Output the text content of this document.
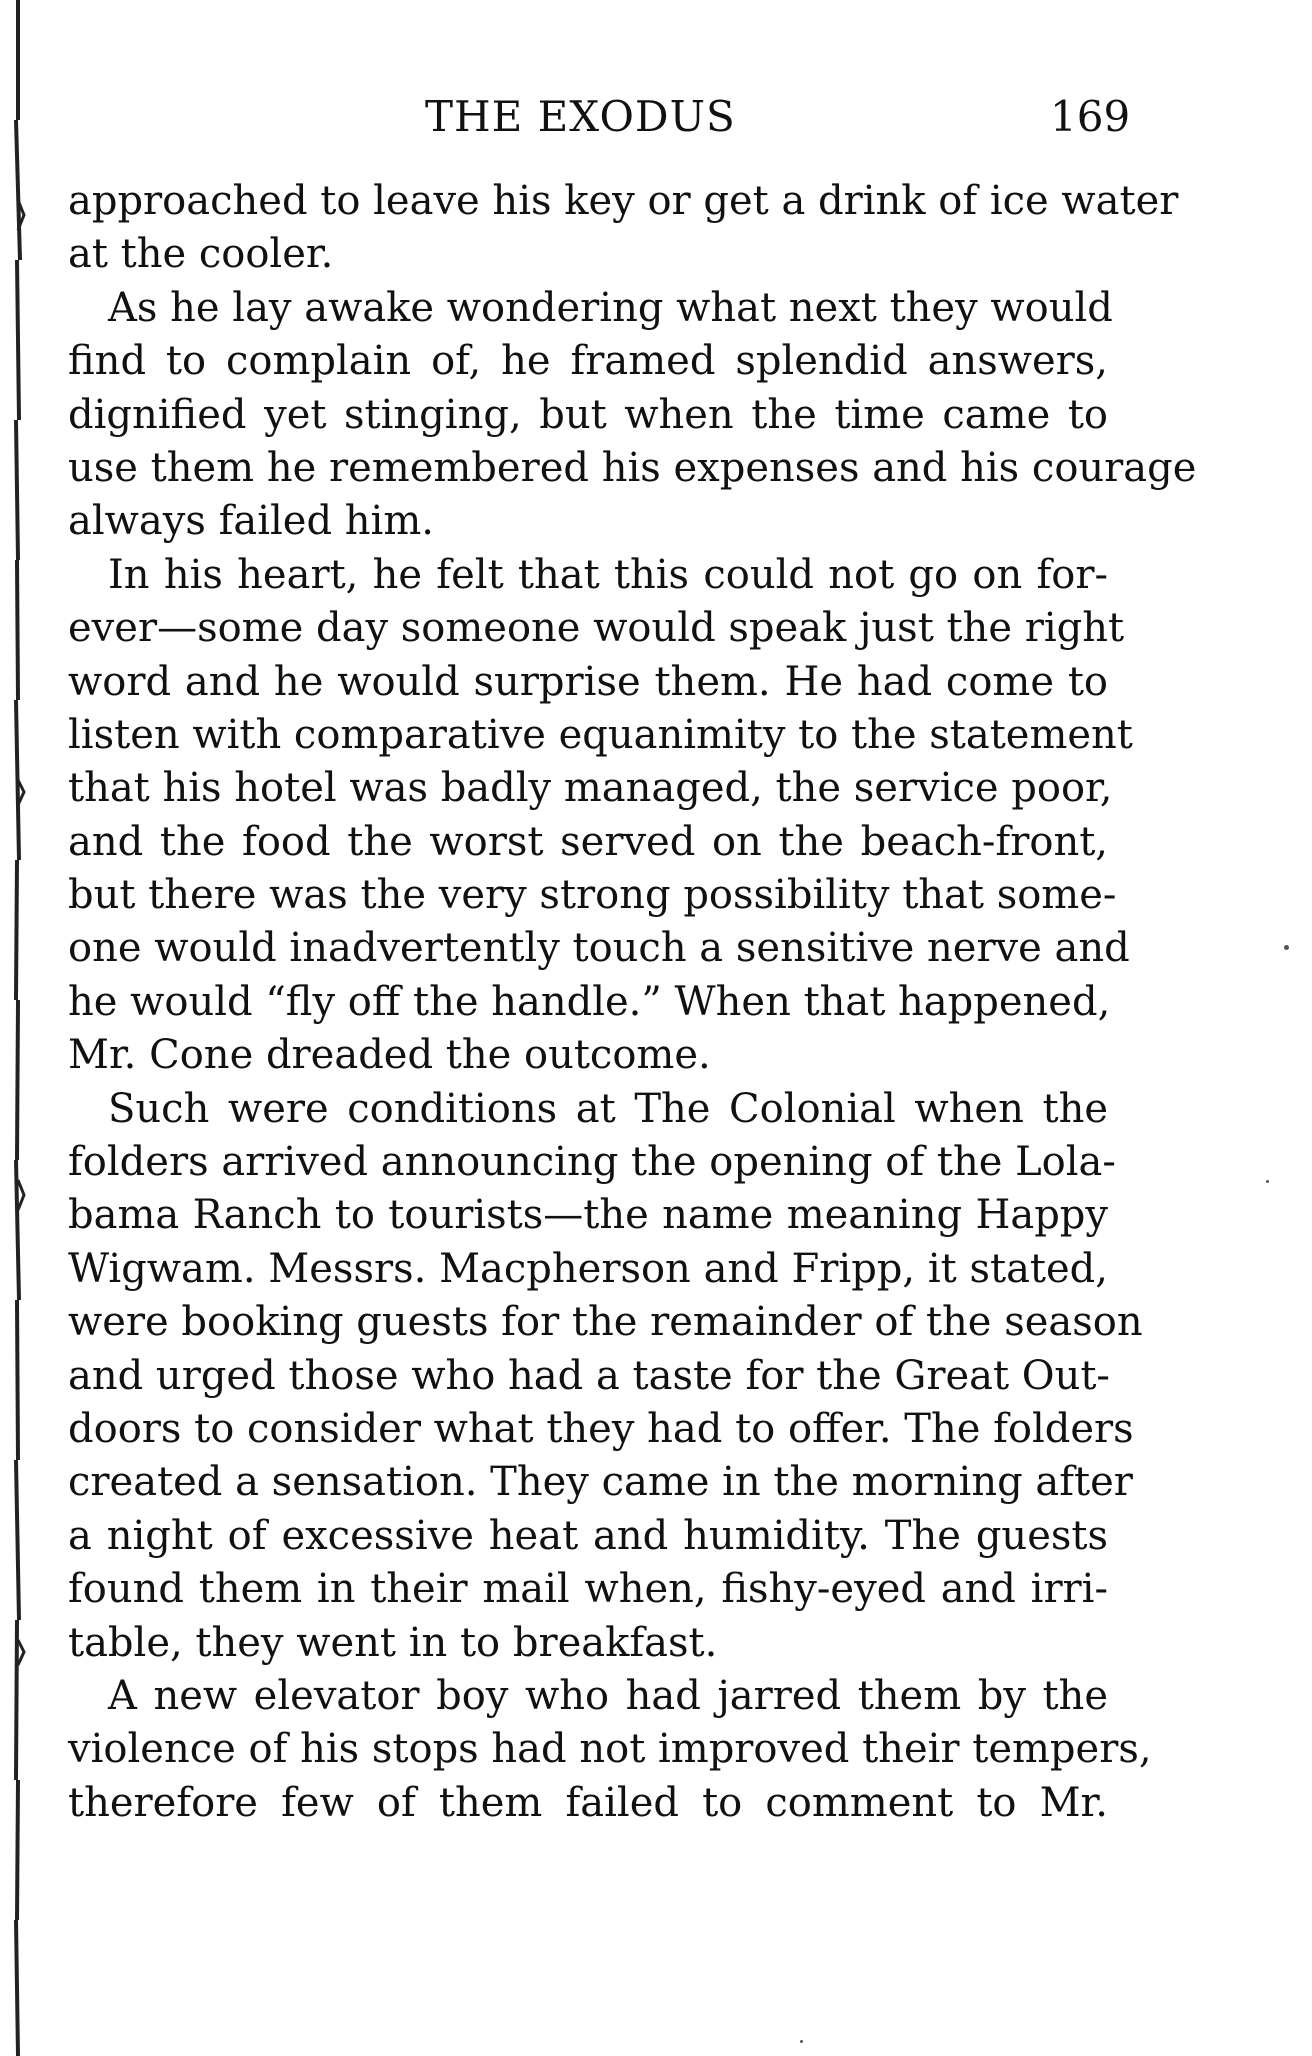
THE EXODUS	169
approached to leave his key or get a drink of ice water
at the cooler.
As he lay awake wondering what next they would
find to complain of, he framed splendid answers,
dignified yet stinging, but when the time came to
use them he remembered his expenses and his courage
always failed him.
In his heart, he felt that this could not go on for-
ever—some day someone would speak just the right
word and he would surprise them. He had come to
listen with comparative equanimity to the statement
that his hotel was badly managed, the service poor,
and the food the worst served on the beach-front,
but there was the very strong possibility that some-
one would inadvertently touch a sensitive nerve and
he would “fly off the handle.” When that happened,
Mr. Cone dreaded the outcome.
Such were conditions at The Colonial when the
folders arrived announcing the opening of the Lola-
bama Ranch to tourists—the name meaning Happy
Wigwam. Messrs. Macpherson and Fripp, it stated,
were booking guests for the remainder of the season
and urged those who had a taste for the Great Out-
doors to consider what they had to offer. The folders
created a sensation. They came in the morning after
a night of excessive heat and humidity. The guests
found them in their mail when, fishy-eyed and irri-
table, they went in to breakfast.
A new elevator boy who had jarred them by the
violence of his stops had not improved their tempers,
therefore few of them failed to comment to Mr.
